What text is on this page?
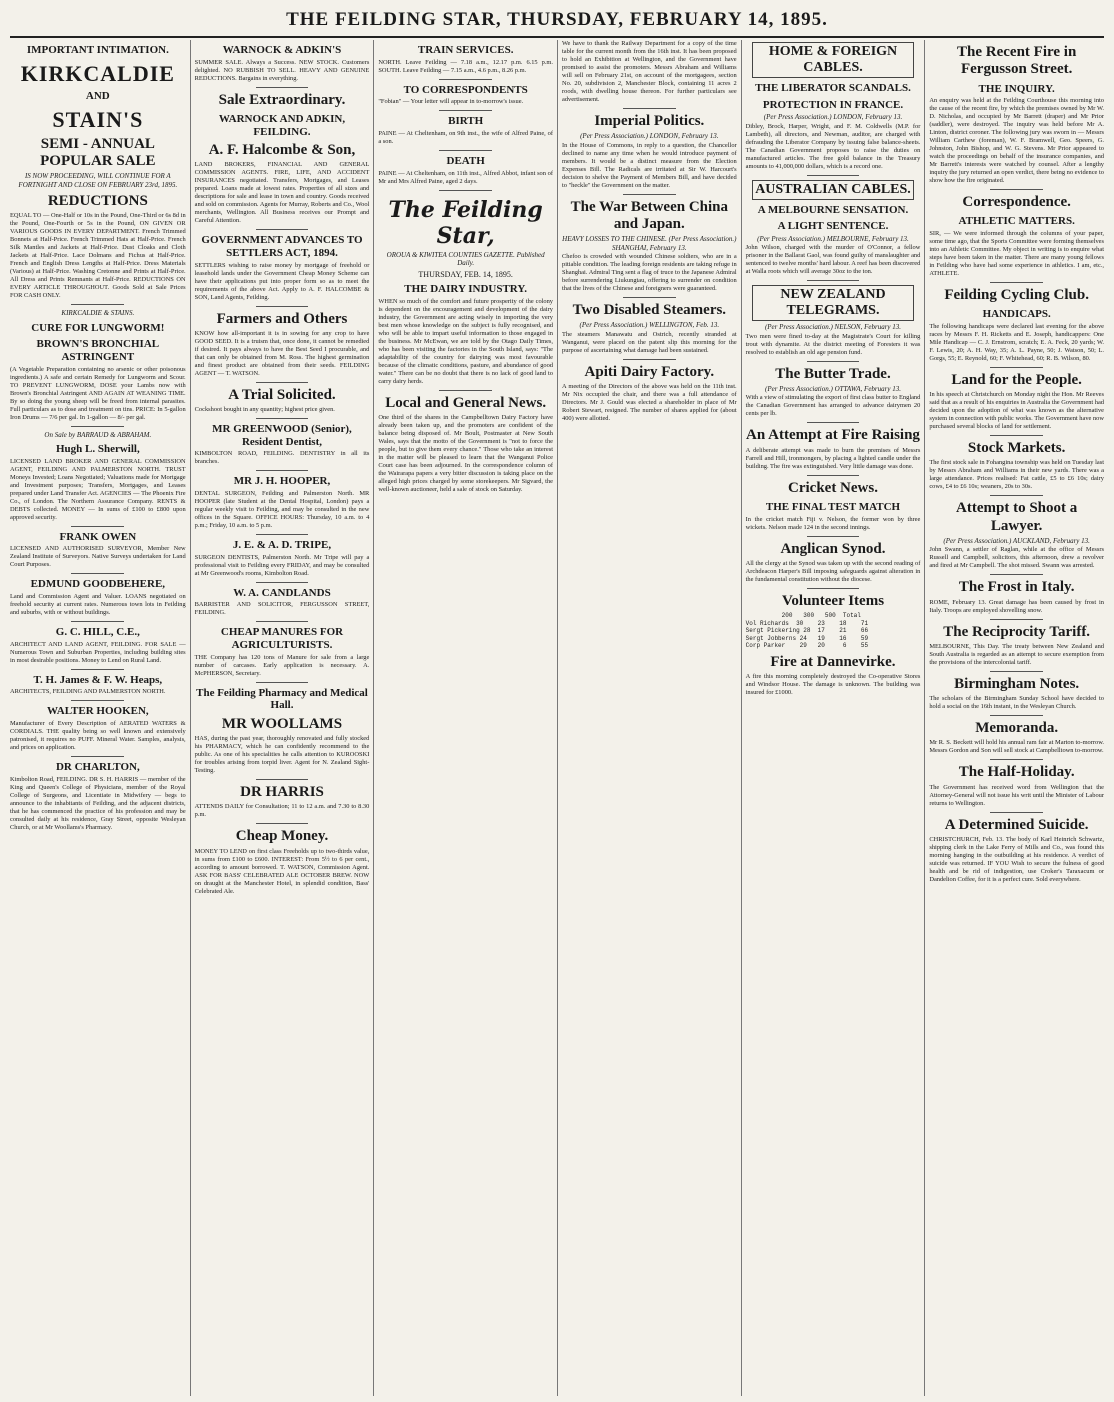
THE FEILDING STAR, THURSDAY, FEBRUARY 14, 1895.
IMPORTANT INTIMATION.
KIRKCALDIE
AND
STAIN'S
SEMI - ANNUAL POPULAR SALE
IS NOW PROCEEDING, WILL CONTINUE FOR A FORTNIGHT AND CLOSE ON FEBRUARY 23rd, 1895.
REDUCTIONS

EQUAL TO — One-Half or 10s in the Pound, One-Third or 6s 8d in the Pound, One-Fourth or 5s in the Pound, ON GIVEN OR VARIOUS GOODS IN EVERY DEPARTMENT. French Trimmed Bonnets at Half-Price. French Trimmed Hats at Half-Price. French Silk Mantles and Jackets at Half-Price. Dust Cloaks and Cloth Jackets at Half-Price. Lace Dolmans and Fichus at Half-Price. French and English Dress Lengths at Half-Price. Dress Materials (Various) at Half-Price. Washing Cretonne and Prints at Half-Price. All Dress and Prints Remnants at Half-Price. REDUCTIONS ON EVERY ARTICLE THROUGHOUT. Goods Sold at Sale Prices FOR CASH ONLY.

KIRKCALDIE & STAINS.
CURE FOR LUNGWORM!
BROWN'S BRONCHIAL ASTRINGENT

(A Vegetable Preparation containing no arsenic or other poisonous ingredients.) A safe and certain Remedy for Lungworm and Scour. TO PREVENT LUNGWORM, DOSE your Lambs now with Brown's Bronchial Astringent AND AGAIN AT WEANING TIME. By so doing the young sheep will be freed from internal parasites. Full particulars as to dose and treatment on tins. PRICE: In 5-gallon Iron Drums — 7/6 per gal. In 1-gallon — 8/- per gal.

On Sale by BARRAUD & ABRAHAM.
Hugh L. Sherwill,

LICENSED LAND BROKER AND GENERAL COMMISSION AGENT, FEILDING AND PALMERSTON NORTH. TRUST Moneys Invested; Loans Negotiated; Valuations made for Mortgage and Investment purposes; Transfers, Mortgages, and Leases prepared under Land Transfer Act. AGENCIES — The Phoenix Fire Co., of London. The Northern Assurance Company. RENTS & DEBTS collected. MONEY — In sums of £100 to £800 upon approved security.

FRANK OWEN

LICENSED AND AUTHORISED SURVEYOR, Member New Zealand Institute of Surveyors. Native Surveys undertaken for Land Court Purposes.

EDMUND GOODBEHERE,

Land and Commission Agent and Valuer. LOANS negotiated on freehold security at current rates. Numerous town lots in Feilding and suburbs, with or without buildings.

G. C. HILL, C.E.,

ARCHITECT AND LAND AGENT, FEILDING. FOR SALE — Numerous Town and Suburban Properties, including building sites in most desirable positions. Money to Lend on Rural Land.

T. H. James & F. W. Heaps,

ARCHITECTS, FEILDING AND PALMERSTON NORTH.

WALTER HOOKEN,

Manufacturer of Every Description of AERATED WATERS & CORDIALS. THE quality being so well known and extensively patronised, it requires no PUFF. Mineral Water. Samples, analysis, and prices on application.

DR CHARLTON,

Kimbolton Road, FEILDING. DR S. H. HARRIS — member of the King and Queen's College of Physicians, member of the Royal College of Surgeons, and Licentiate in Midwifery — begs to announce to the inhabitants of Feilding, and the adjacent districts, that he has commenced the practice of his profession and may be consulted daily at his residence, Gray Street, opposite Wesleyan Church, or at Mr Woollams's Pharmacy.

WARNOCK & ADKIN'S

SUMMER SALE. Always a Success. NEW STOCK. Customers delighted. NO RUBBISH TO SELL. HEAVY AND GENUINE REDUCTIONS. Bargains in everything.

Sale Extraordinary.
WARNOCK AND ADKIN, FEILDING.
A. F. Halcombe & Son,

LAND BROKERS, FINANCIAL AND GENERAL COMMISSION AGENTS. FIRE, LIFE, AND ACCIDENT INSURANCES negotiated. Transfers, Mortgages, and Leases prepared. Loans made at lowest rates. Properties of all sizes and descriptions for sale and lease in town and country. Goods received and sold on commission. Agents for Murray, Roberts and Co., Wool merchants, Wellington. All Business receives our Prompt and Careful Attention.

GOVERNMENT ADVANCES TO SETTLERS ACT, 1894.

SETTLERS wishing to raise money by mortgage of freehold or leasehold lands under the Government Cheap Money Scheme can have their applications put into proper form so as to meet the requirements of the above Act. Apply to A. F. HALCOMBE & SON, Land Agents, Feilding.

Farmers and Others

KNOW how all-important it is in sowing for any crop to have GOOD SEED. It is a truism that, once done, it cannot be remedied if desired. It pays always to have the Best Seed I procurable, and that can only be obtained from M. Ross. The highest germination and finest product are obtained from their seeds. FEILDING AGENT — T. WATSON.

A Trial Solicited.

Cockshoot bought in any quantity; highest price given.

MR GREENWOOD (Senior), Resident Dentist,

KIMBOLTON ROAD, FEILDING. DENTISTRY in all its branches.

MR J. H. HOOPER,

DENTAL SURGEON, Feilding and Palmerston North. MR HOOPER (late Student at the Dental Hospital, London) pays a regular weekly visit to Feilding, and may be consulted in the new offices in the Square. OFFICE HOURS: Thursday, 10 a.m. to 4 p.m.; Friday, 10 a.m. to 5 p.m.

J. E. & A. D. TRIPE,

SURGEON DENTISTS, Palmerston North. Mr Tripe will pay a professional visit to Feilding every FRIDAY, and may be consulted at Mr Greenwood's rooms, Kimbolton Road.

W. A. CANDLANDS

BARRISTER AND SOLICITOR, FERGUSSON STREET, FEILDING.

CHEAP MANURES FOR AGRICULTURISTS.

THE Company has 120 tons of Manure for sale from a large number of carcases. Early application is necessary. A. McPHERSON, Secretary.

The Feilding Pharmacy and Medical Hall.
MR WOOLLAMS

HAS, during the past year, thoroughly renovated and fully stocked his PHARMACY, which he can confidently recommend to the public. As one of his specialities he calls attention to KUROOSKI for troubles arising from torpid liver. Agent for N. Zealand Sight-Testing.

DR HARRIS

ATTENDS DAILY for Consultation; 11 to 12 a.m. and 7.30 to 8.30 p.m.

Cheap Money.

MONEY TO LEND on first class Freeholds up to two-thirds value, in sums from £100 to £600. INTEREST: From 5½ to 6 per cent., according to amount borrowed. T. WATSON, Commission Agent. ASK FOR BASS' CELEBRATED ALE OCTOBER BREW. NOW on draught at the Manchester Hotel, in splendid condition, Bass' Celebrated Ale.

TRAIN SERVICES.

NORTH. Leave Feilding — 7.18 a.m., 12.17 p.m. 6.15 p.m. SOUTH. Leave Feilding — 7.15 a.m., 4.6 p.m., 8.26 p.m.

TO CORRESPONDENTS

"Fobian" — Your letter will appear in to-morrow's issue.

BIRTH

PAINE — At Cheltenham, on 9th inst., the wife of Alfred Paine, of a son.

DEATH

PAINE — At Cheltenham, on 11th inst., Alfred Abbot, infant son of Mr and Mrs Alfred Paine, aged 2 days.

The Feilding Star,
OROUA & KIWITEA COUNTIES GAZETTE. Published Daily.
THURSDAY, FEB. 14, 1895.
THE DAIRY INDUSTRY.

WHEN so much of the comfort and future prosperity of the colony is dependent on the encouragement and development of the dairy industry, the Government are acting wisely in importing the very best men whose knowledge on the subject is fully recognised, and who will be able to impart useful information to those engaged in the business. Mr McEwan, we are told by the Otago Daily Times, who has been visiting the factories in the South Island, says: "The adaptability of the country for dairying was most favourable because of the climatic conditions, pasture, and abundance of good water." There can be no doubt that there is no lack of good land to carry dairy herds.

Local and General News.

One third of the shares in the Campbelltown Dairy Factory have already been taken up, and the promoters are confident of the balance being disposed of. Mr Boult, Postmaster at New South Wales, says that the motto of the Government is "not to force the people, but to give them every chance." Those who take an interest in the matter will be pleased to learn that the Wanganui Police Court case has been adjourned. In the correspondence column of the Wairarapa papers a very bitter discussion is taking place on the alleged high prices charged by some storekeepers. Mr Sigvard, the well-known auctioneer, held a sale of stock on Saturday.

We have to thank the Railway Department for a copy of the time table for the current month from the 16th inst. It has been proposed to hold an Exhibition at Wellington, and the Government have promised to assist the promoters. Messrs Abraham and Williams will sell on February 21st, on account of the mortgagees, section No. 20, subdivision 2, Manchester Block, containing 11 acres 2 roods, with dwelling house thereon. For further particulars see advertisement.

Imperial Politics.
(Per Press Association.) LONDON, February 13.

In the House of Commons, in reply to a question, the Chancellor declined to name any time when he would introduce payment of members. It would be a distinct measure from the Election Expenses Bill. The Radicals are irritated at Sir W. Harcourt's decision to shelve the Payment of Members Bill, and have decided to "heckle" the Government on the matter.

The War Between China and Japan.
HEAVY LOSSES TO THE CHINESE. (Per Press Association.) SHANGHAI, February 13.

Chefoo is crowded with wounded Chinese soldiers, who are in a pitiable condition. The leading foreign residents are taking refuge in Shanghai. Admiral Ting sent a flag of truce to the Japanese Admiral before surrendering Liukungtau, offering to surrender on condition that the lives of the Chinese and foreigners were guaranteed.

Two Disabled Steamers.
(Per Press Association.) WELLINGTON, Feb. 13.

The steamers Manawatu and Ostrich, recently stranded at Wanganui, were placed on the patent slip this morning for the purpose of ascertaining what damage had been sustained.

Apiti Dairy Factory.

A meeting of the Directors of the above was held on the 11th inst. Mr Nix occupied the chair, and there was a full attendance of Directors. Mr J. Gould was elected a shareholder in place of Mr Robert Stewart, resigned. The number of shares applied for (about 400) were allotted.

HOME & FOREIGN CABLES.
THE LIBERATOR SCANDALS.
PROTECTION IN FRANCE.
(Per Press Association.) LONDON, February 13.

Dibley, Brock, Harper, Wright, and F. M. Coldwells (M.P. for Lambeth), all directors, and Newman, auditor, are charged with defrauding the Liberator Company by issuing false balance-sheets. The Canadian Government proposes to raise the duties on manufactured articles. The free gold balance in the Treasury amounts to 41,000,000 dollars, which is a record one.

AUSTRALIAN CABLES.
A MELBOURNE SENSATION.
A LIGHT SENTENCE.
(Per Press Association.) MELBOURNE, February 13.

John Wilson, charged with the murder of O'Connor, a fellow prisoner in the Ballarat Gaol, was found guilty of manslaughter and sentenced to twelve months' hard labour. A reef has been discovered at Walla roots which will average 30oz to the ton.

NEW ZEALAND TELEGRAMS.
(Per Press Association.) NELSON, February 13.

Two men were fined to-day at the Magistrate's Court for killing trout with dynamite. At the district meeting of Foresters it was resolved to establish an old age pension fund.

The Butter Trade.
(Per Press Association.) OTTAWA, February 13.

With a view of stimulating the export of first class butter to England the Canadian Government has arranged to advance dairymen 20 cents per lb.

An Attempt at Fire Raising

A deliberate attempt was made to burn the premises of Messrs Farrell and Hill, ironmongers, by placing a lighted candle under the building. The fire was extinguished. Very little damage was done.

Cricket News.
THE FINAL TEST MATCH

In the cricket match Fiji v. Nelson, the former won by three wickets. Nelson made 124 in the second innings.

Anglican Synod.

All the clergy at the Synod was taken up with the second reading of Archdeacon Harper's Bill imposing safeguards against alteration in the fundamental constitution without the diocese.

Volunteer Items
200   300   500  Total
Vol Richards  30    23    18    71
Sergt Pickering 28  17    21    66
Sergt Jobberns 24   19    16    59
Corp Parker    29   20     6    55
Fire at Dannevirke.

A fire this morning completely destroyed the Co-operative Stores and Windsor House. The damage is unknown. The building was insured for £1000.

The Recent Fire in Fergusson Street.
THE INQUIRY.

An enquiry was held at the Feilding Courthouse this morning into the cause of the recent fire, by which the premises owned by Mr W. D. Nicholas, and occupied by Mr Barrett (draper) and Mr Prior (saddler), were destroyed. The inquiry was held before Mr A. Linton, district coroner. The following jury was sworn in — Messrs William Carthew (foreman), W. F. Bramwell, Geo. Speers, G. Johnston, John Bishop, and W. G. Stevens. Mr Prior appeared to watch the proceedings on behalf of the insurance companies, and Mr Barrett's interests were watched by counsel. After a lengthy inquiry the jury returned an open verdict, there being no evidence to show how the fire originated.

Correspondence.
ATHLETIC MATTERS.

SIR, — We were informed through the columns of your paper, some time ago, that the Sports Committee were forming themselves into an Athletic Committee. My object in writing is to enquire what steps have been taken in the matter. There are many young fellows in Feilding who have had some experience in athletics. I am, etc., ATHLETE.

Feilding Cycling Club.
HANDICAPS.

The following handicaps were declared last evening for the above races by Messrs F. H. Ricketts and E. Joseph, handicappers: One Mile Handicap — C. J. Ernstrom, scratch; E. A. Feck, 20 yards; W. F. Lewis, 20; A. H. Way, 35; A. L. Payne, 50; J. Watson, 50; L. Gorgs, 55; E. Reynold, 60; F. Whitehead, 60; R. B. Wilson, 80.

Land for the People.

In his speech at Christchurch on Monday night the Hon. Mr Reeves said that as a result of his enquiries in Australia the Government had decided upon the adoption of what was known as the alternative system in connection with public works. The Government have now purchased several blocks of land for settlement.

Stock Markets.

The first stock sale in Fohangina township was held on Tuesday last by Messrs Abraham and Williams in their new yards. There was a large attendance. Prices realised: Fat cattle, £5 to £6 10s; dairy cows, £4 to £6 10s; weaners, 20s to 30s.

Attempt to Shoot a Lawyer.
(Per Press Association.) AUCKLAND, February 13.

John Swann, a settler of Raglan, while at the office of Messrs Russell and Campbell, solicitors, this afternoon, drew a revolver and fired at Mr Campbell. The shot missed. Swann was arrested.

The Frost in Italy.

ROME, February 13. Great damage has been caused by frost in Italy. Troops are employed shovelling snow.

The Reciprocity Tariff.

MELBOURNE, This Day. The treaty between New Zealand and South Australia is regarded as an attempt to secure exemption from the provisions of the intercolonial tariff.

Birmingham Notes.

The scholars of the Birmingham Sunday School have decided to hold a social on the 16th instant, in the Wesleyan Church.

Memoranda.

Mr R. S. Beckett will hold his annual ram fair at Marton to-morrow. Messrs Gordon and Son will sell stock at Campbelltown to-morrow.

The Half-Holiday.

The Government has received word from Wellington that the Attorney-General will not issue his writ until the Minister of Labour returns to Wellington.

A Determined Suicide.

CHRISTCHURCH, Feb. 13. The body of Karl Heinrich Schwartz, shipping clerk in the Lake Ferry of Mills and Co., was found this morning hanging in the outbuilding at his residence. A verdict of suicide was returned. IF YOU Wish to secure the fulness of good health and be rid of indigestion, use Croker's Taraxacum or Dandelion Coffee, for it is a perfect cure. Sold everywhere.
